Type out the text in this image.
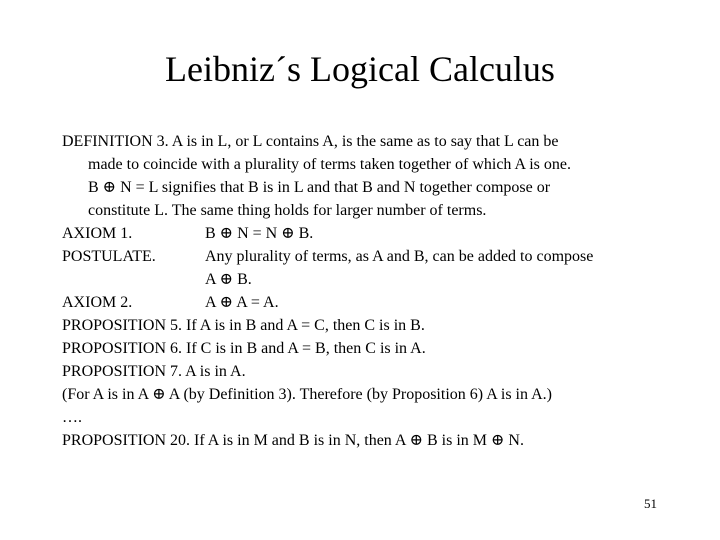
Leibniz´s Logical Calculus
DEFINITION 3. A is in L, or L contains A, is the same as to say that L can be
made to coincide with a plurality of terms taken together of which A is one.
B ⊕ N = L signifies that B is in L and that B and N together compose or
constitute L. The same thing holds for larger number of terms.
AXIOM 1.	B ⊕ N = N ⊕ B.
POSTULATE.	Any plurality of terms, as A and B, can be added to compose
A ⊕ B.
AXIOM 2.	A ⊕ A = A.
PROPOSITION 5. If A is in B and A = C, then C is in B.
PROPOSITION 6. If C is in B and A = B, then C is in A.
PROPOSITION 7. A is in A.
(For A is in A ⊕ A (by Definition 3). Therefore (by Proposition 6) A is in A.)
….
PROPOSITION 20. If A is in M and B is in N, then A ⊕ B is in M ⊕ N.
51
